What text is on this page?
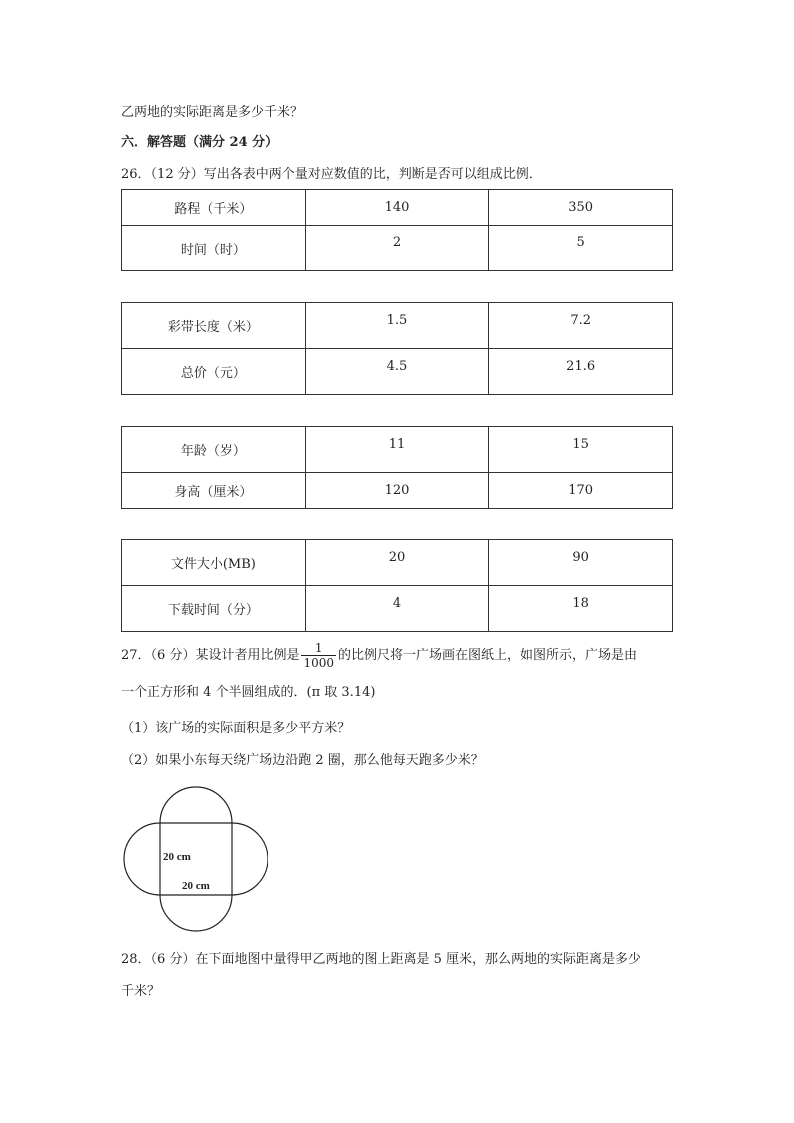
乙两地的实际距离是多少千米？
六．解答题（满分 24 分）
26．（12 分）写出各表中两个量对应数值的比，判断是否可以组成比例．
路程（千米）	140	350
时间（时）	2	5
彩带长度（米）	1.5	7.2
总价（元）	4.5	21.6
年龄（岁）	11	15
身高（厘米）	120	170
文件大小(MB)	20	90
下载时间（分）	4	18
27．（6 分）某设计者用比例是 $\frac{1}{1000}$ 的比例尺将一广场画在图纸上，如图所示，广场是由
一个正方形和 4 个半圆组成的．(π 取 3.14)
（1）该广场的实际面积是多少平方米？
（2）如果小东每天绕广场边沿跑 2 圈，那么他每天跑多少米？
20 cm
20 cm
28．（6 分）在下面地图中量得甲乙两地的图上距离是 5 厘米，那么两地的实际距离是多少
千米？
